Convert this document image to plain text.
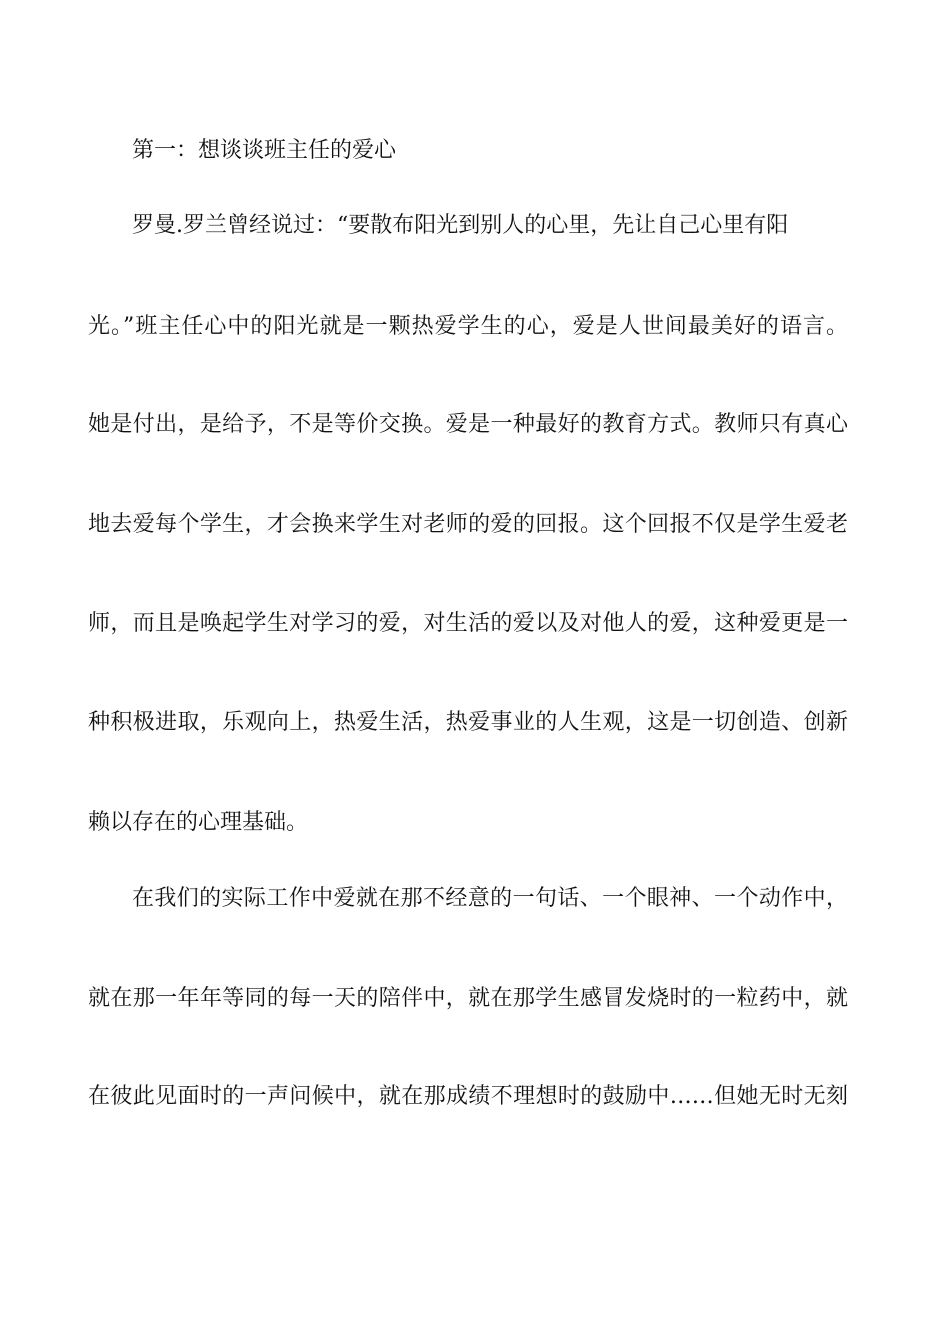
第一：想谈谈班主任的爱心
罗曼.罗兰曾经说过：“要散布阳光到别人的心里，先让自己心里有阳
光。”班主任心中的阳光就是一颗热爱学生的心，爱是人世间最美好的语言。
她是付出，是给予，不是等价交换。爱是一种最好的教育方式。教师只有真心
地去爱每个学生，才会换来学生对老师的爱的回报。这个回报不仅是学生爱老
师，而且是唤起学生对学习的爱，对生活的爱以及对他人的爱，这种爱更是一
种积极进取，乐观向上，热爱生活，热爱事业的人生观，这是一切创造、创新
赖以存在的心理基础。
在我们的实际工作中爱就在那不经意的一句话、一个眼神、一个动作中，
就在那一年年等同的每一天的陪伴中，就在那学生感冒发烧时的一粒药中，就
在彼此见面时的一声问候中，就在那成绩不理想时的鼓励中……但她无时无刻
